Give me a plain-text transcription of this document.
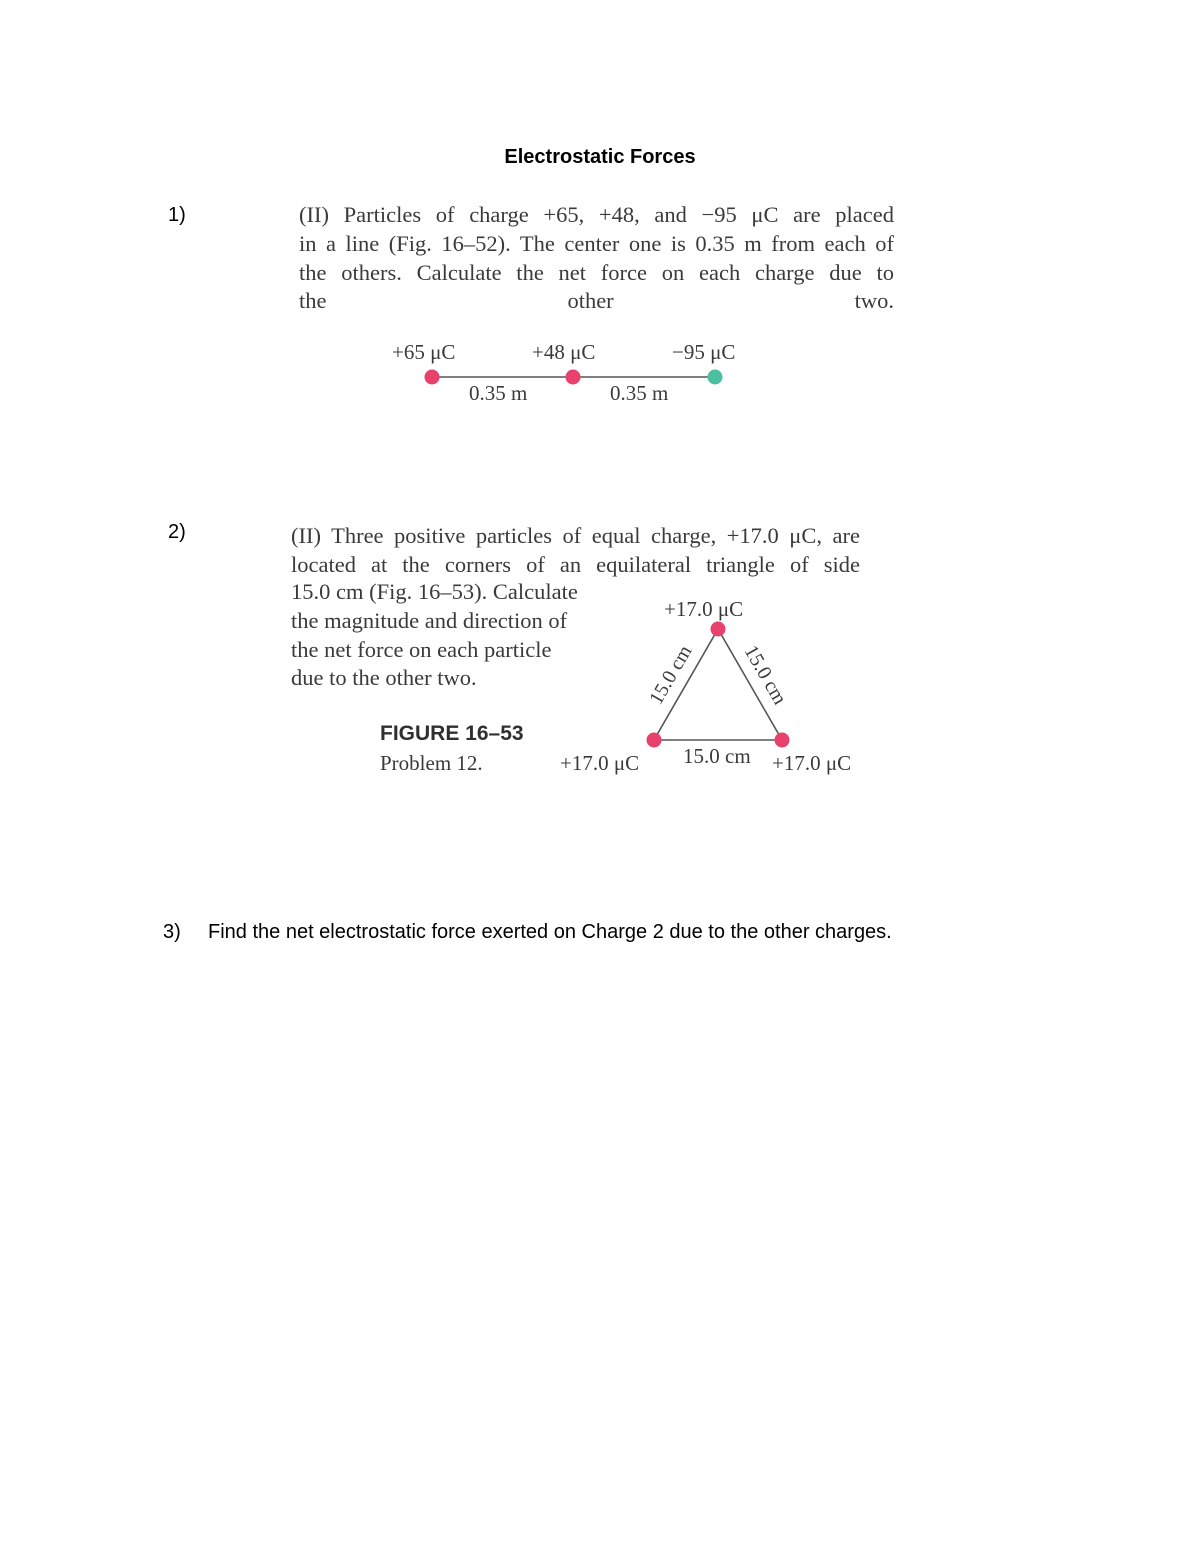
Electrostatic Forces
1)	(II) Particles of charge +65, +48, and −95 μC are placed
in a line (Fig. 16–52). The center one is 0.35 m from each of
the others. Calculate the net force on each charge due to
the other two.

+65 μC	+48 μC	−95 μC
0.35 m	0.35 m
2)	(II) Three positive particles of equal charge, +17.0 μC, are
located at the corners of an equilateral triangle of side

15.0 cm (Fig. 16–53). Calculate
the magnitude and direction of
the net force on each particle
due to the other two.	15.0 cm 15.0 cm
+17.0 μC
+17.0 μC	+17.0 μC
15.0 cm
FIGURE 16–53
Problem 12.
3) Find the net electrostatic force exerted on Charge 2 due to the other charges.
